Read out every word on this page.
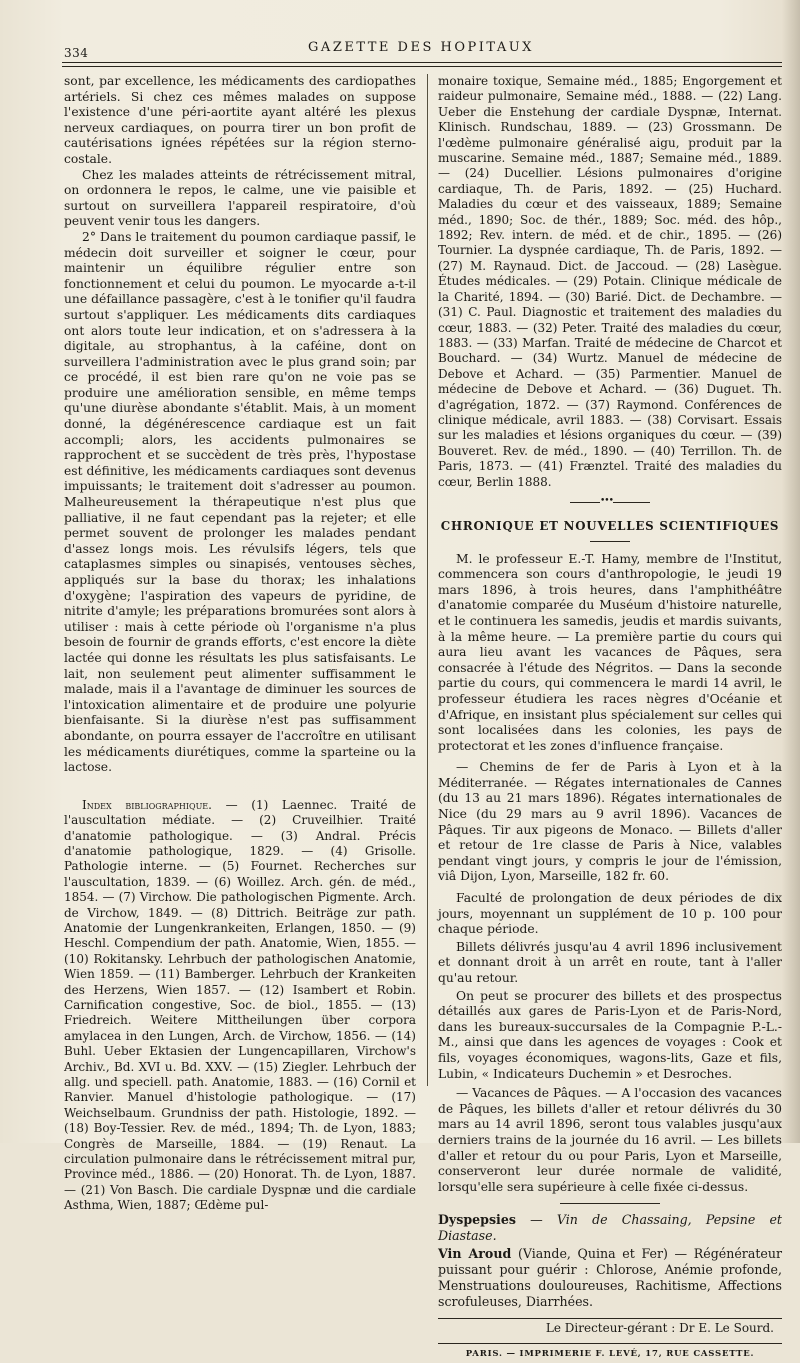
334	GAZETTE DES HOPITAUX

sont, par excellence, les médicaments des cardiopathes artériels. Si chez ces mêmes malades on suppose l'existence d'une péri-aortite ayant altéré les plexus nerveux cardiaques, on pourra tirer un bon profit de cautérisations ignées répétées sur la région sterno-costale.

Chez les malades atteints de rétrécissement mitral, on ordonnera le repos, le calme, une vie paisible et surtout on surveillera l'appareil respiratoire, d'où peuvent venir tous les dangers.

2° Dans le traitement du poumon cardiaque passif, le médecin doit surveiller et soigner le cœur, pour maintenir un équilibre régulier entre son fonctionnement et celui du poumon. Le myocarde a-t-il une défaillance passagère, c'est à le tonifier qu'il faudra surtout s'appliquer. Les médicaments dits cardiaques ont alors toute leur indication, et on s'adressera à la digitale, au strophantus, à la caféine, dont on surveillera l'administration avec le plus grand soin; par ce procédé, il est bien rare qu'on ne voie pas se produire une amélioration sensible, en même temps qu'une diurèse abondante s'établit. Mais, à un moment donné, la dégénérescence cardiaque est un fait accompli; alors, les accidents pulmonaires se rapprochent et se succèdent de très près, l'hypostase est définitive, les médicaments cardiaques sont devenus impuissants; le traitement doit s'adresser au poumon. Malheureusement la thérapeutique n'est plus que palliative, il ne faut cependant pas la rejeter; et elle permet souvent de prolonger les malades pendant d'assez longs mois. Les révulsifs légers, tels que cataplasmes simples ou sinapisés, ventouses sèches, appliqués sur la base du thorax; les inhalations d'oxygène; l'aspiration des vapeurs de pyridine, de nitrite d'amyle; les préparations bromurées sont alors à utiliser : mais à cette période où l'organisme n'a plus besoin de fournir de grands efforts, c'est encore la diète lactée qui donne les résultats les plus satisfaisants. Le lait, non seulement peut alimenter suffisamment le malade, mais il a l'avantage de diminuer les sources de l'intoxication alimentaire et de produire une polyurie bienfaisante. Si la diurèse n'est pas suffisamment abondante, on pourra essayer de l'accroître en utilisant les médicaments diurétiques, comme la sparteine ou la lactose.

Index bibliographique. — (1) Laennec. Traité de l'auscultation médiate. — (2) Cruveilhier. Traité d'anatomie pathologique. — (3) Andral. Précis d'anatomie pathologique, 1829. — (4) Grisolle. Pathologie interne. — (5) Fournet. Recherches sur l'auscultation, 1839. — (6) Woillez. Arch. gén. de méd., 1854. — (7) Virchow. Die pathologischen Pigmente. Arch. de Virchow, 1849. — (8) Dittrich. Beiträge zur path. Anatomie der Lungenkrankeiten, Erlangen, 1850. — (9) Heschl. Compendium der path. Anatomie, Wien, 1855. — (10) Rokitansky. Lehrbuch der pathologischen Anatomie, Wien 1859. — (11) Bamberger. Lehrbuch der Krankeiten des Herzens, Wien 1857. — (12) Isambert et Robin. Carnification congestive, Soc. de biol., 1855. — (13) Friedreich. Weitere Mittheilungen über corpora amylacea in den Lungen, Arch. de Virchow, 1856. — (14) Buhl. Ueber Ektasien der Lungencapillaren, Virchow's Archiv., Bd. XVI u. Bd. XXV. — (15) Ziegler. Lehrbuch der allg. und speciell. path. Anatomie, 1883. — (16) Cornil et Ranvier. Manuel d'histologie pathologique. — (17) Weichselbaum. Grundniss der path. Histologie, 1892. — (18) Boy-Tessier. Rev. de méd., 1894; Th. de Lyon, 1883; Congrès de Marseille, 1884. — (19) Renaut. La circulation pulmonaire dans le rétrécissement mitral pur, Province méd., 1886. — (20) Honorat. Th. de Lyon, 1887. — (21) Von Basch. Die cardiale Dyspnæ und die cardiale Asthma, Wien, 1887; Œdème pul-

monaire toxique, Semaine méd., 1885; Engorgement et raideur pulmonaire, Semaine méd., 1888. — (22) Lang. Ueber die Enstehung der cardiale Dyspnæ, Internat. Klinisch. Rundschau, 1889. — (23) Grossmann. De l'œdème pulmonaire généralisé aigu, produit par la muscarine. Semaine méd., 1887; Semaine méd., 1889. — (24) Ducellier. Lésions pulmonaires d'origine cardiaque, Th. de Paris, 1892. — (25) Huchard. Maladies du cœur et des vaisseaux, 1889; Semaine méd., 1890; Soc. de thér., 1889; Soc. méd. des hôp., 1892; Rev. intern. de méd. et de chir., 1895. — (26) Tournier. La dyspnée cardiaque, Th. de Paris, 1892. — (27) M. Raynaud. Dict. de Jaccoud. — (28) Lasègue. Études médicales. — (29) Potain. Clinique médicale de la Charité, 1894. — (30) Barié. Dict. de Dechambre. — (31) C. Paul. Diagnostic et traitement des maladies du cœur, 1883. — (32) Peter. Traité des maladies du cœur, 1883. — (33) Marfan. Traité de médecine de Charcot et Bouchard. — (34) Wurtz. Manuel de médecine de Debove et Achard. — (35) Parmentier. Manuel de médecine de Debove et Achard. — (36) Duguet. Th. d'agrégation, 1872. — (37) Raymond. Conférences de clinique médicale, avril 1883. — (38) Corvisart. Essais sur les maladies et lésions organiques du cœur. — (39) Bouveret. Rev. de méd., 1890. — (40) Terrillon. Th. de Paris, 1873. — (41) Frænztel. Traité des maladies du cœur, Berlin 1888.

•••
CHRONIQUE ET NOUVELLES SCIENTIFIQUES

M. le professeur E.-T. Hamy, membre de l'Institut, commencera son cours d'anthropologie, le jeudi 19 mars 1896, à trois heures, dans l'amphithéâtre d'anatomie comparée du Muséum d'histoire naturelle, et le continuera les samedis, jeudis et mardis suivants, à la même heure. — La première partie du cours qui aura lieu avant les vacances de Pâques, sera consacrée à l'étude des Négritos. — Dans la seconde partie du cours, qui commencera le mardi 14 avril, le professeur étudiera les races nègres d'Océanie et d'Afrique, en insistant plus spécialement sur celles qui sont localisées dans les colonies, les pays de protectorat et les zones d'influence française.

— Chemins de fer de Paris à Lyon et à la Méditerranée. — Régates internationales de Cannes (du 13 au 21 mars 1896). Régates internationales de Nice (du 29 mars au 9 avril 1896). Vacances de Pâques. Tir aux pigeons de Monaco. — Billets d'aller et retour de 1re classe de Paris à Nice, valables pendant vingt jours, y compris le jour de l'émission, viâ Dijon, Lyon, Marseille, 182 fr. 60.

Faculté de prolongation de deux périodes de dix jours, moyennant un supplément de 10 p. 100 pour chaque période.

Billets délivrés jusqu'au 4 avril 1896 inclusivement et donnant droit à un arrêt en route, tant à l'aller qu'au retour.

On peut se procurer des billets et des prospectus détaillés aux gares de Paris-Lyon et de Paris-Nord, dans les bureaux-succursales de la Compagnie P.-L.-M., ainsi que dans les agences de voyages : Cook et fils, voyages économiques, wagons-lits, Gaze et fils, Lubin, « Indicateurs Duchemin » et Desroches.

— Vacances de Pâques. — A l'occasion des vacances de Pâques, les billets d'aller et retour délivrés du 30 mars au 14 avril 1896, seront tous valables jusqu'aux derniers trains de la journée du 16 avril. — Les billets d'aller et retour du ou pour Paris, Lyon et Marseille, conserveront leur durée normale de validité, lorsqu'elle sera supérieure à celle fixée ci-dessus.

Dyspepsies — Vin de Chassaing, Pepsine et Diastase.
Vin Aroud (Viande, Quina et Fer) — Régénérateur puissant pour guérir : Chlorose, Anémie profonde, Menstruations douloureuses, Rachitisme, Affections scrofuleuses, Diarrhées.
Le Directeur-gérant : Dr E. Le Sourd.
PARIS. — IMPRIMERIE F. LEVÉ, 17, RUE CASSETTE.
